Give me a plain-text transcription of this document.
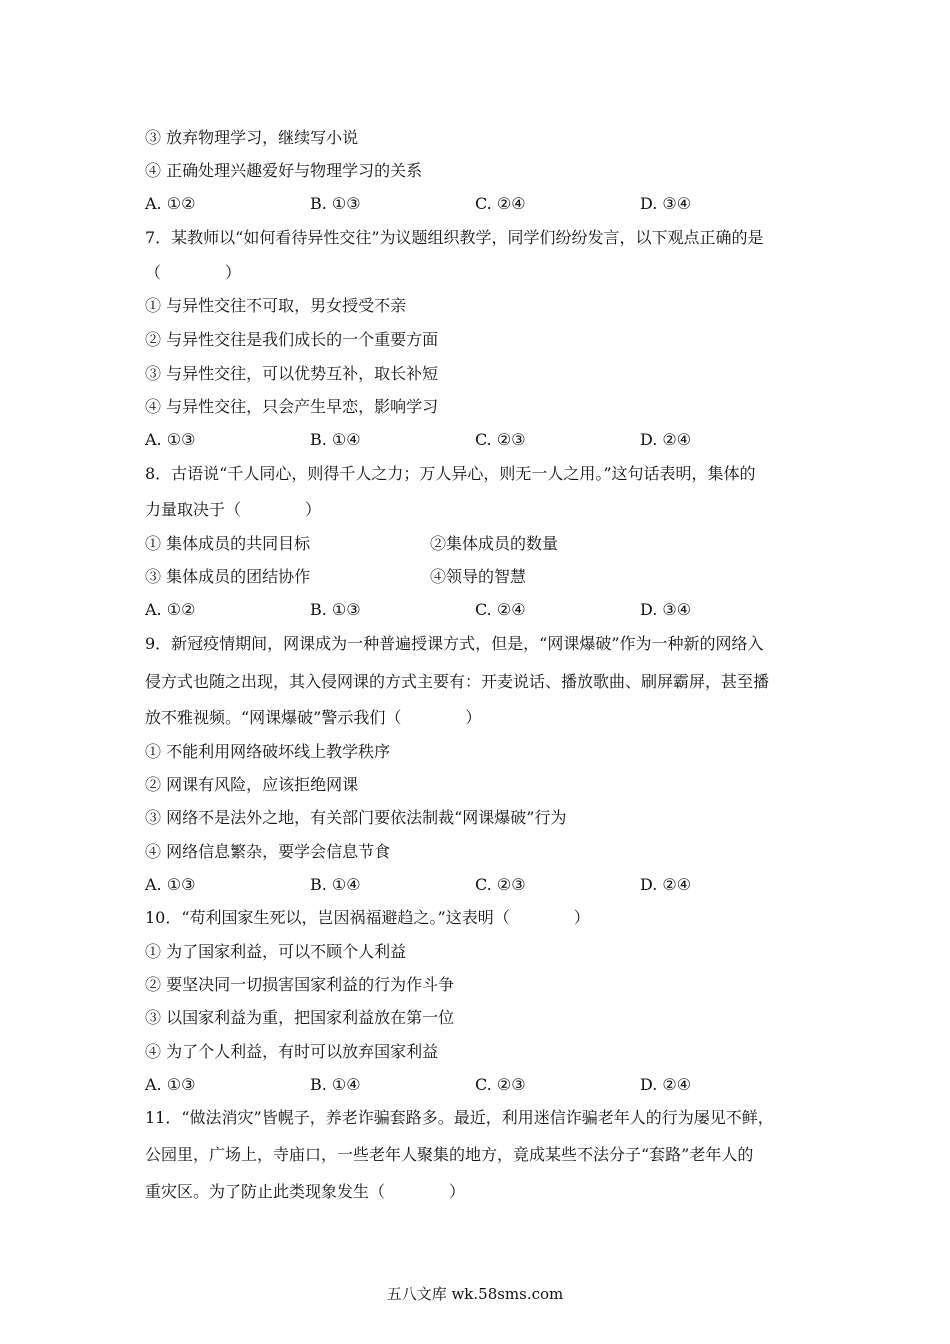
③ 放弃物理学习，继续写小说
④ 正确处理兴趣爱好与物理学习的关系
A. ①②	B. ①③	C. ②④	D. ③④
7．某教师以“如何看待异性交往”为议题组织教学，同学们纷纷发言，以下观点正确的是
（　　　　）
① 与异性交往不可取，男女授受不亲
② 与异性交往是我们成长的一个重要方面
③ 与异性交往，可以优势互补，取长补短
④ 与异性交往，只会产生早恋，影响学习
A. ①③	B. ①④	C. ②③	D. ②④
8．古语说“千人同心，则得千人之力；万人异心，则无一人之用。”这句话表明，集体的
力量取决于（　　　　）
① 集体成员的共同目标	②集体成员的数量
③ 集体成员的团结协作	④领导的智慧
A. ①②	B. ①③	C. ②④	D. ③④
9．新冠疫情期间，网课成为一种普遍授课方式，但是，“网课爆破”作为一种新的网络入
侵方式也随之出现，其入侵网课的方式主要有：开麦说话、播放歌曲、刷屏霸屏，甚至播
放不雅视频。“网课爆破”警示我们（　　　　）
① 不能利用网络破坏线上教学秩序
② 网课有风险，应该拒绝网课
③ 网络不是法外之地，有关部门要依法制裁“网课爆破”行为
④ 网络信息繁杂，要学会信息节食
A. ①③	B. ①④	C. ②③	D. ②④
10．“苟利国家生死以，岂因祸福避趋之。”这表明（　　　　）
① 为了国家利益，可以不顾个人利益
② 要坚决同一切损害国家利益的行为作斗争
③ 以国家利益为重，把国家利益放在第一位
④ 为了个人利益，有时可以放弃国家利益
A. ①③	B. ①④	C. ②③	D. ②④
11．“做法消灾”皆幌子，养老诈骗套路多。最近，利用迷信诈骗老年人的行为屡见不鲜，
公园里，广场上，寺庙口，一些老年人聚集的地方，竟成某些不法分子“套路”老年人的
重灾区。为了防止此类现象发生（　　　　）
五八文库 wk.58sms.com
